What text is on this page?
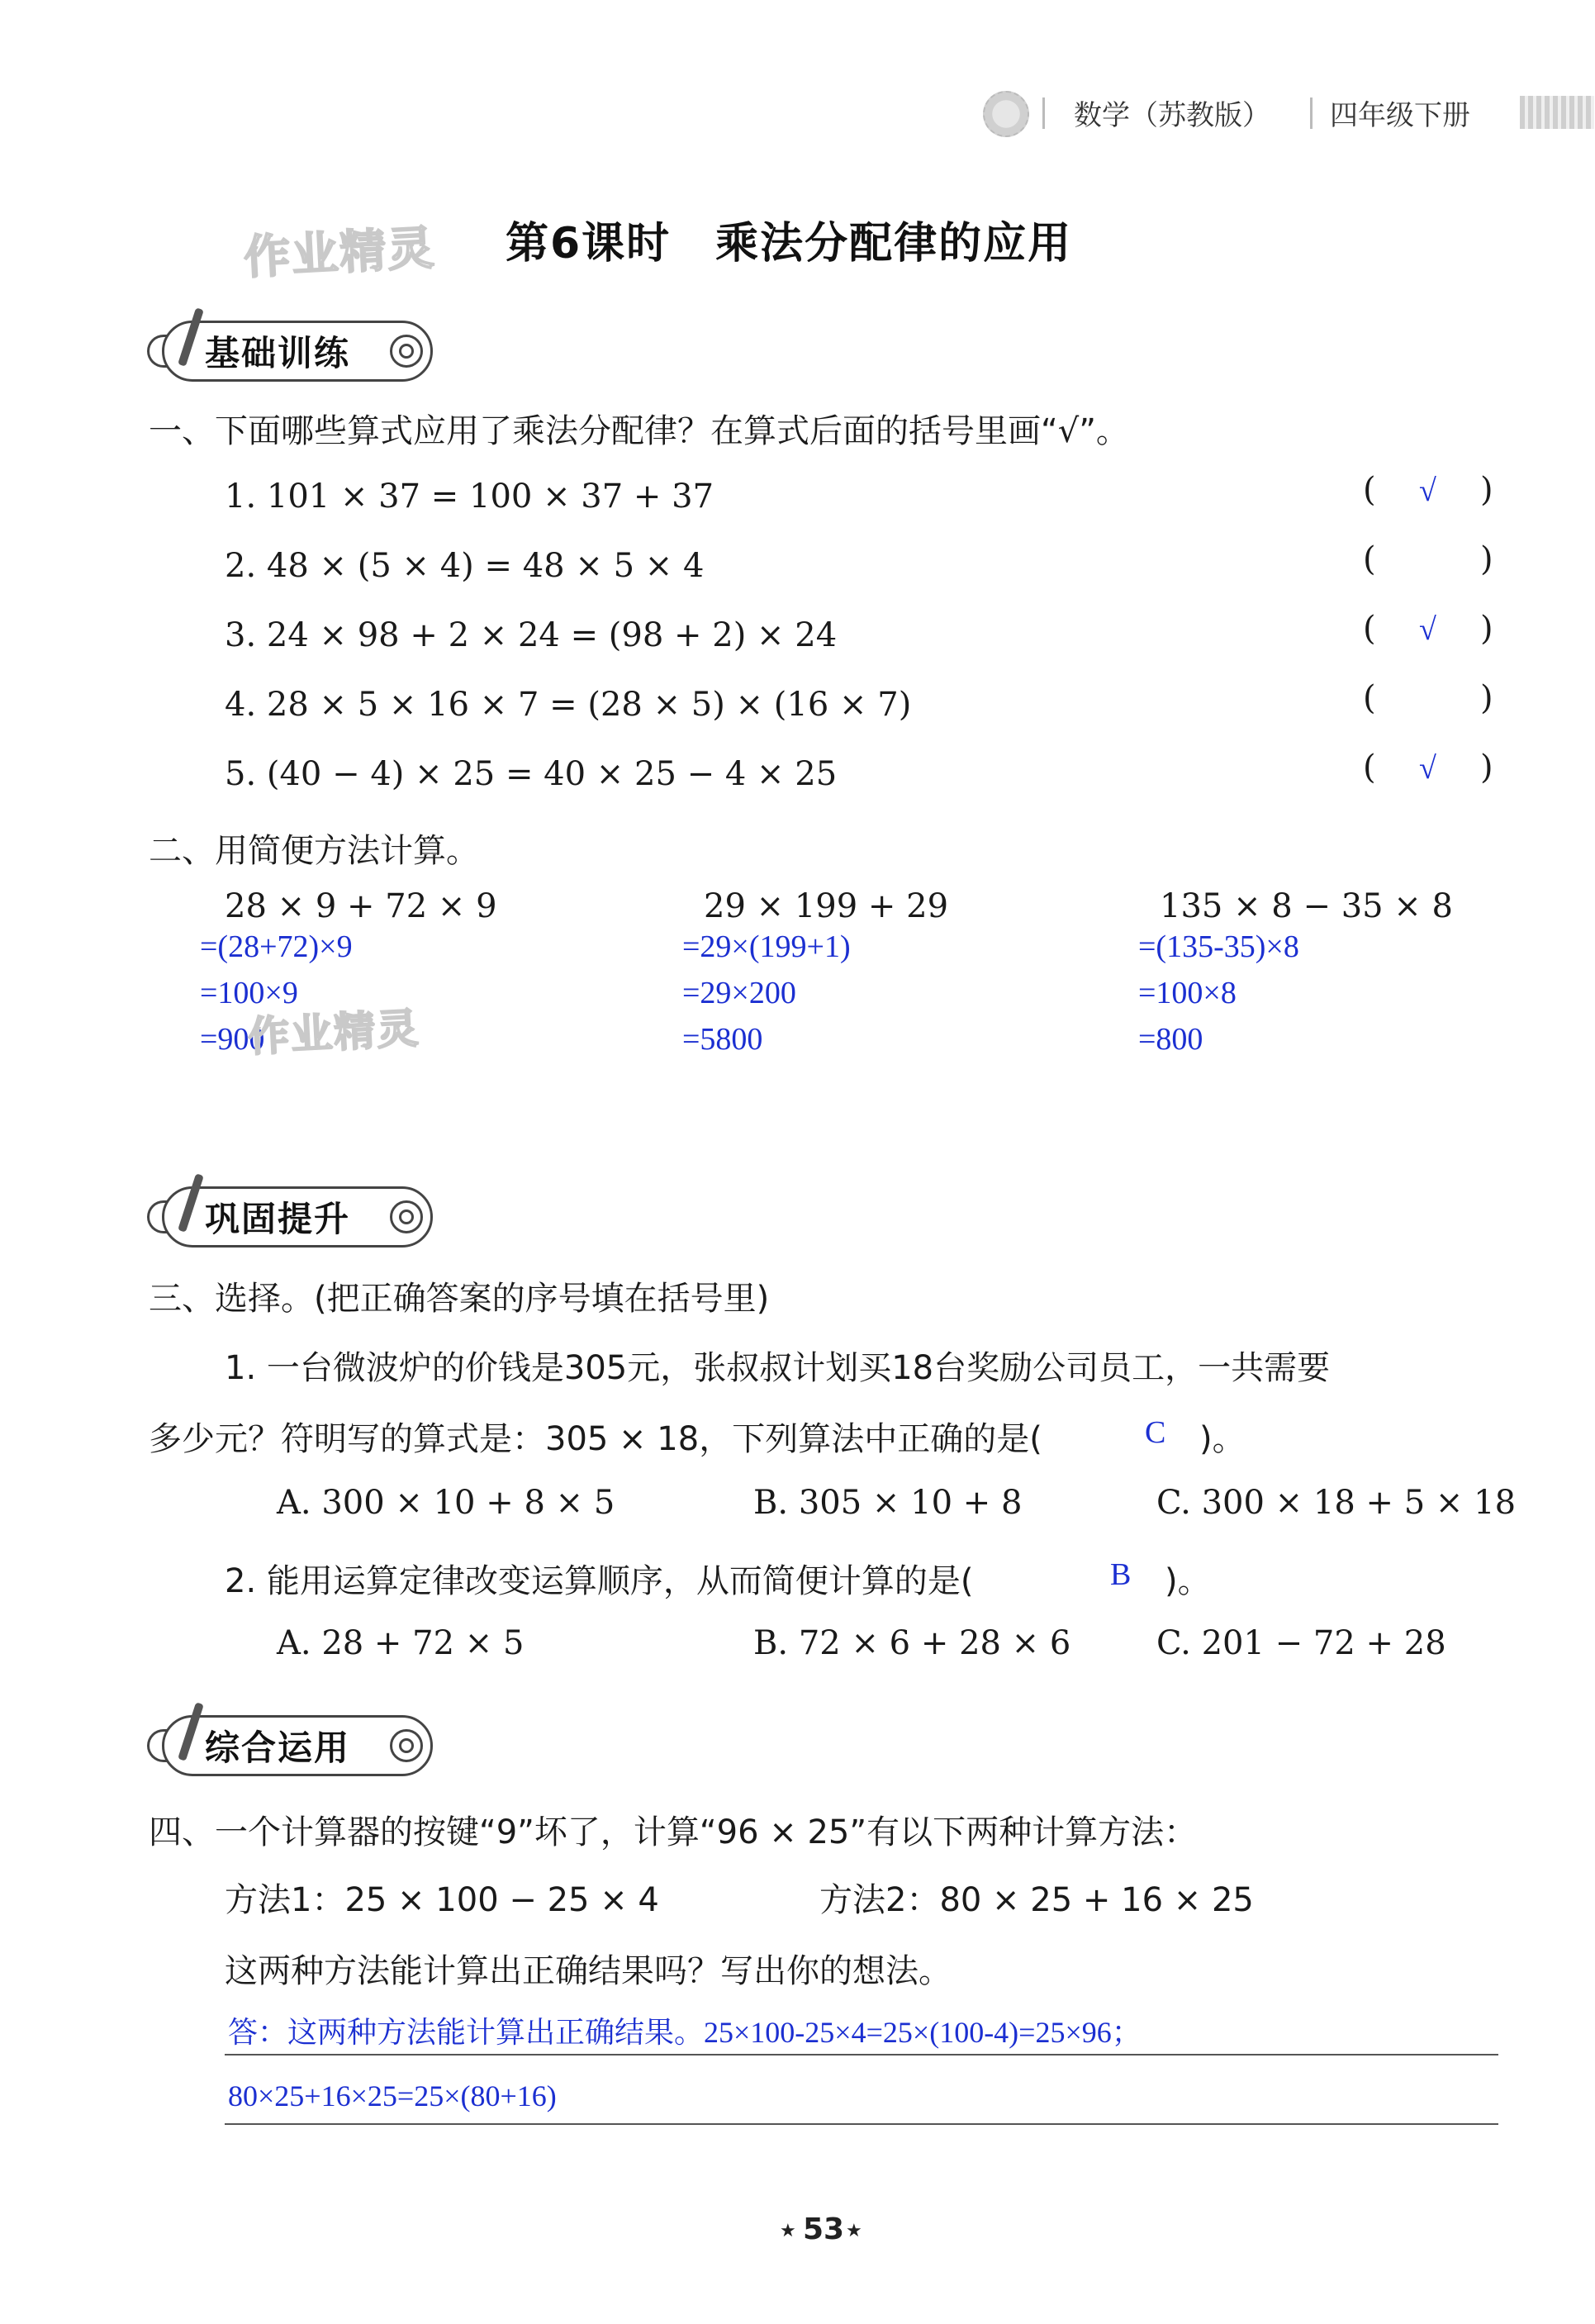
数学（苏教版） 四年级下册
作业精灵 第6课时　乘法分配律的应用
基础训练
一、下面哪些算式应用了乘法分配律？在算式后面的括号里画“√”。
1. 101 × 37 = 100 × 37 + 37	( √ )
2. 48 × (5 × 4) = 48 × 5 × 4	(	)
3. 24 × 98 + 2 × 24 = (98 + 2) × 24	( √ )
4. 28 × 5 × 16 × 7 = (28 × 5) × (16 × 7)	(	)
5. (40 − 4) × 25 = 40 × 25 − 4 × 25	( √ )
二、用简便方法计算。
28 × 9 + 72 × 9
=(28+72)×9
=100×9
=900
作业精灵
29 × 199 + 29
=29×(199+1)
=29×200
=5800
135 × 8 − 35 × 8
=(135-35)×8
=100×8
=800
巩固提升
三、选择。(把正确答案的序号填在括号里)
1. 一台微波炉的价钱是305元，张叔叔计划买18台奖励公司员工，一共需要
多少元？符明写的算式是：305 × 18，下列算法中正确的是(	C )。
A. 300 × 10 + 8 × 5	B. 305 × 10 + 8	C. 300 × 18 + 5 × 18
2. 能用运算定律改变运算顺序，从而简便计算的是(	B )。
A. 28 + 72 × 5	B. 72 × 6 + 28 × 6	C. 201 − 72 + 28
综合运用
四、一个计算器的按键“9”坏了，计算“96 × 25”有以下两种计算方法：
方法1：25 × 100 − 25 × 4	方法2：80 × 25 + 16 × 25
这两种方法能计算出正确结果吗？写出你的想法。
答：这两种方法能计算出正确结果。25×100-25×4=25×(100-4)=25×96；
80×25+16×25=25×(80+16)
★ 53 ★
